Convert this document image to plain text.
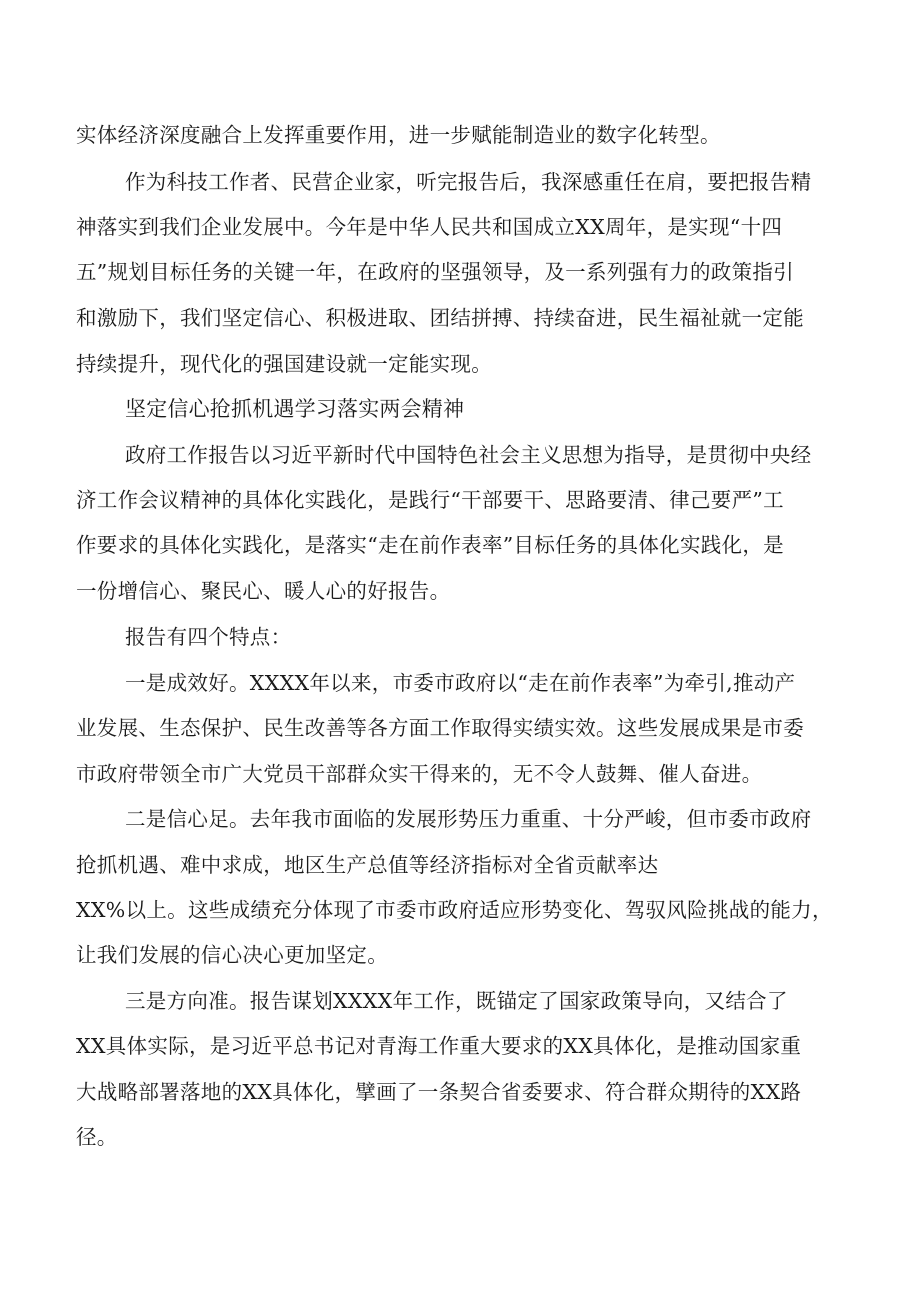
实体经济深度融合上发挥重要作用，进一步赋能制造业的数字化转型。
作为科技工作者、民营企业家，听完报告后，我深感重任在肩，要把报告精
神落实到我们企业发展中。今年是中华人民共和国成立XX周年，是实现“十四
五”规划目标任务的关键一年，在政府的坚强领导，及一系列强有力的政策指引
和激励下，我们坚定信心、积极进取、团结拼搏、持续奋进，民生福祉就一定能
持续提升，现代化的强国建设就一定能实现。
坚定信心抢抓机遇学习落实两会精神
政府工作报告以习近平新时代中国特色社会主义思想为指导，是贯彻中央经
济工作会议精神的具体化实践化，是践行“干部要干、思路要清、律己要严”工
作要求的具体化实践化，是落实“走在前作表率”目标任务的具体化实践化，是
一份增信心、聚民心、暖人心的好报告。
报告有四个特点：
一是成效好。XXXX年以来，市委市政府以“走在前作表率”为牵引,推动产
业发展、生态保护、民生改善等各方面工作取得实绩实效。这些发展成果是市委
市政府带领全市广大党员干部群众实干得来的，无不令人鼓舞、催人奋进。
二是信心足。去年我市面临的发展形势压力重重、十分严峻，但市委市政府
抢抓机遇、难中求成，地区生产总值等经济指标对全省贡献率达
XX%以上。这些成绩充分体现了市委市政府适应形势变化、驾驭风险挑战的能力，
让我们发展的信心决心更加坚定。
三是方向准。报告谋划XXXX年工作，既锚定了国家政策导向，又结合了
XX具体实际，是习近平总书记对青海工作重大要求的XX具体化，是推动国家重
大战略部署落地的XX具体化，擘画了一条契合省委要求、符合群众期待的XX路
径。
